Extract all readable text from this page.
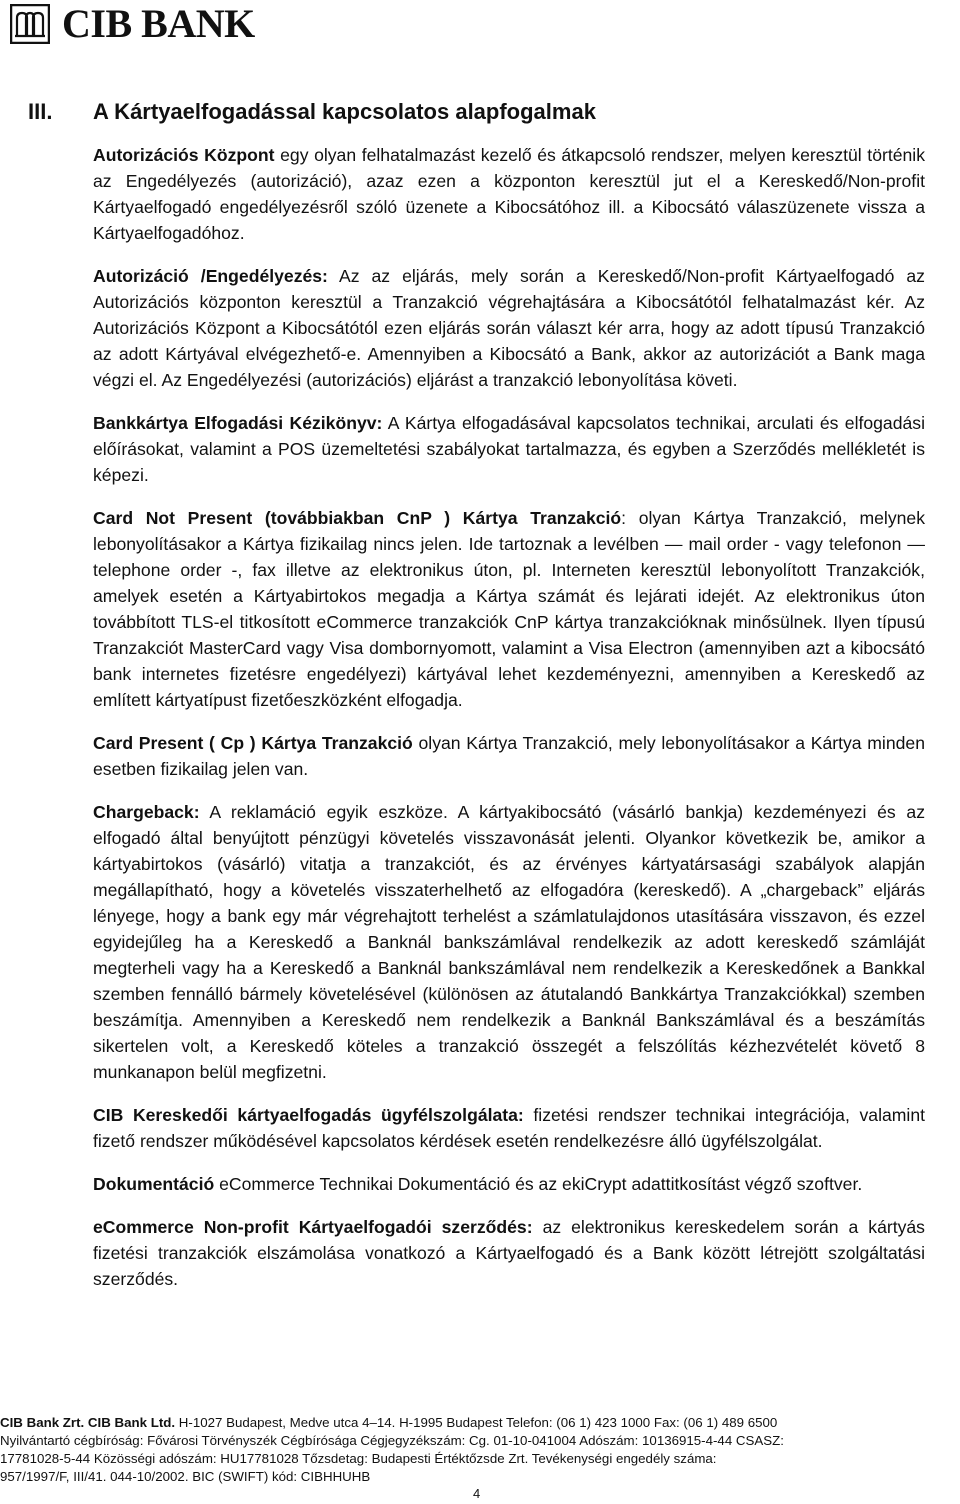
CIB BANK
III. A Kártyaelfogadással kapcsolatos alapfogalmak

Autorizációs Központ egy olyan felhatalmazást kezelő és átkapcsoló rendszer, melyen keresztül történik az Engedélyezés (autorizáció), azaz ezen a központon keresztül jut el a Kereskedő/Non-profit Kártyaelfogadó engedélyezésről szóló üzenete a Kibocsátóhoz ill. a Kibocsátó válaszüzenete vissza a Kártyaelfogadóhoz.

Autorizáció /Engedélyezés: Az az eljárás, mely során a Kereskedő/Non-profit Kártyaelfogadó az Autorizációs központon keresztül a Tranzakció végrehajtására a Kibocsátótól felhatalmazást kér. Az Autorizációs Központ a Kibocsátótól ezen eljárás során választ kér arra, hogy az adott típusú Tranzakció az adott Kártyával elvégezhető-e. Amennyiben a Kibocsátó a Bank, akkor az autorizációt a Bank maga végzi el. Az Engedélyezési (autorizációs) eljárást a tranzakció lebonyolítása követi.

Bankkártya Elfogadási Kézikönyv: A Kártya elfogadásával kapcsolatos technikai, arculati és elfogadási előírásokat, valamint a POS üzemeltetési szabályokat tartalmazza, és egyben a Szerződés mellékletét is képezi.

Card Not Present (továbbiakban CnP ) Kártya Tranzakció: olyan Kártya Tranzakció, melynek lebonyolításakor a Kártya fizikailag nincs jelen. Ide tartoznak a levélben — mail order - vagy telefonon — telephone order -, fax illetve az elektronikus úton, pl. Interneten keresztül lebonyolított Tranzakciók, amelyek esetén a Kártyabirtokos megadja a Kártya számát és lejárati idejét. Az elektronikus úton továbbított TLS-el titkosított eCommerce tranzakciók CnP kártya tranzakcióknak minősülnek. Ilyen típusú Tranzakciót MasterCard vagy Visa dombornyomott, valamint a Visa Electron (amennyiben azt a kibocsátó bank internetes fizetésre engedélyezi) kártyával lehet kezdeményezni, amennyiben a Kereskedő az említett kártyatípust fizetőeszközként elfogadja.

Card Present ( Cp ) Kártya Tranzakció olyan Kártya Tranzakció, mely lebonyolításakor a Kártya minden esetben fizikailag jelen van.

Chargeback: A reklamáció egyik eszköze. A kártyakibocsátó (vásárló bankja) kezdeményezi és az elfogadó által benyújtott pénzügyi követelés visszavonását jelenti. Olyankor következik be, amikor a kártyabirtokos (vásárló) vitatja a tranzakciót, és az érvényes kártyatársasági szabályok alapján megállapítható, hogy a követelés visszaterhelhető az elfogadóra (kereskedő). A „chargeback” eljárás lényege, hogy a bank egy már végrehajtott terhelést a számlatulajdonos utasítására visszavon, és ezzel egyidejűleg ha a Kereskedő a Banknál bankszámlával rendelkezik az adott kereskedő számláját megterheli vagy ha a Kereskedő a Banknál bankszámlával nem rendelkezik a Kereskedőnek a Bankkal szemben fennálló bármely követelésével (különösen az átutalandó Bankkártya Tranzakciókkal) szemben beszámítja. Amennyiben a Kereskedő nem rendelkezik a Banknál Bankszámlával és a beszámítás sikertelen volt, a Kereskedő köteles a tranzakció összegét a felszólítás kézhezvételét követő 8 munkanapon belül megfizetni.

CIB Kereskedői kártyaelfogadás ügyfélszolgálata: fizetési rendszer technikai integrációja, valamint fizető rendszer működésével kapcsolatos kérdések esetén rendelkezésre álló ügyfélszolgálat.

Dokumentáció eCommerce Technikai Dokumentáció és az ekiCrypt adattitkosítást végző szoftver.

eCommerce Non-profit Kártyaelfogadói szerződés: az elektronikus kereskedelem során a kártyás fizetési tranzakciók elszámolása vonatkozó a Kártyaelfogadó és a Bank között létrejött szolgáltatási szerződés.

CIB Bank Zrt. CIB Bank Ltd. H-1027 Budapest, Medve utca 4–14. H-1995 Budapest Telefon: (06 1) 423 1000 Fax: (06 1) 489 6500
Nyilvántartó cégbíróság: Fővárosi Törvényszék Cégbírósága Cégjegyzékszám: Cg. 01-10-041004 Adószám: 10136915-4-44 CSASZ:
17781028-5-44 Közösségi adószám: HU17781028 Tőzsdetag: Budapesti Értéktőzsde Zrt. Tevékenységi engedély száma:
957/1997/F, III/41. 044-10/2002. BIC (SWIFT) kód: CIBHHUHB
4
